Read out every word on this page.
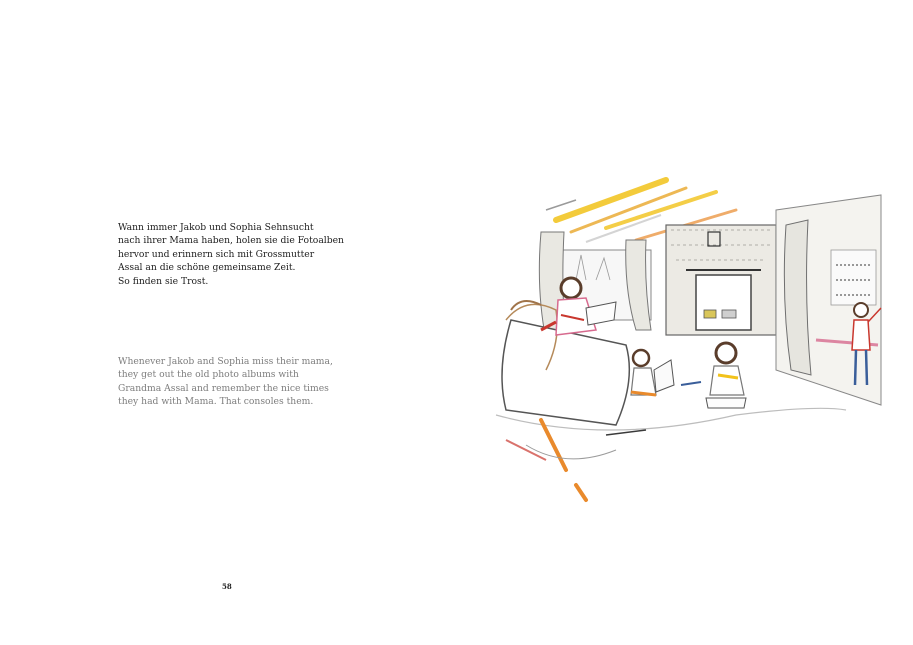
Wann immer Jakob und Sophia Sehnsucht
nach ihrer Mama haben, holen sie die Fotoalben
hervor und erinnern sich mit Grossmutter
Assal an die schöne gemeinsame Zeit.
So finden sie Trost.
Whenever Jakob and Sophia miss their mama,
they get out the old photo albums with
Grandma Assal and remember the nice times
they had with Mama. That consoles them.
58
